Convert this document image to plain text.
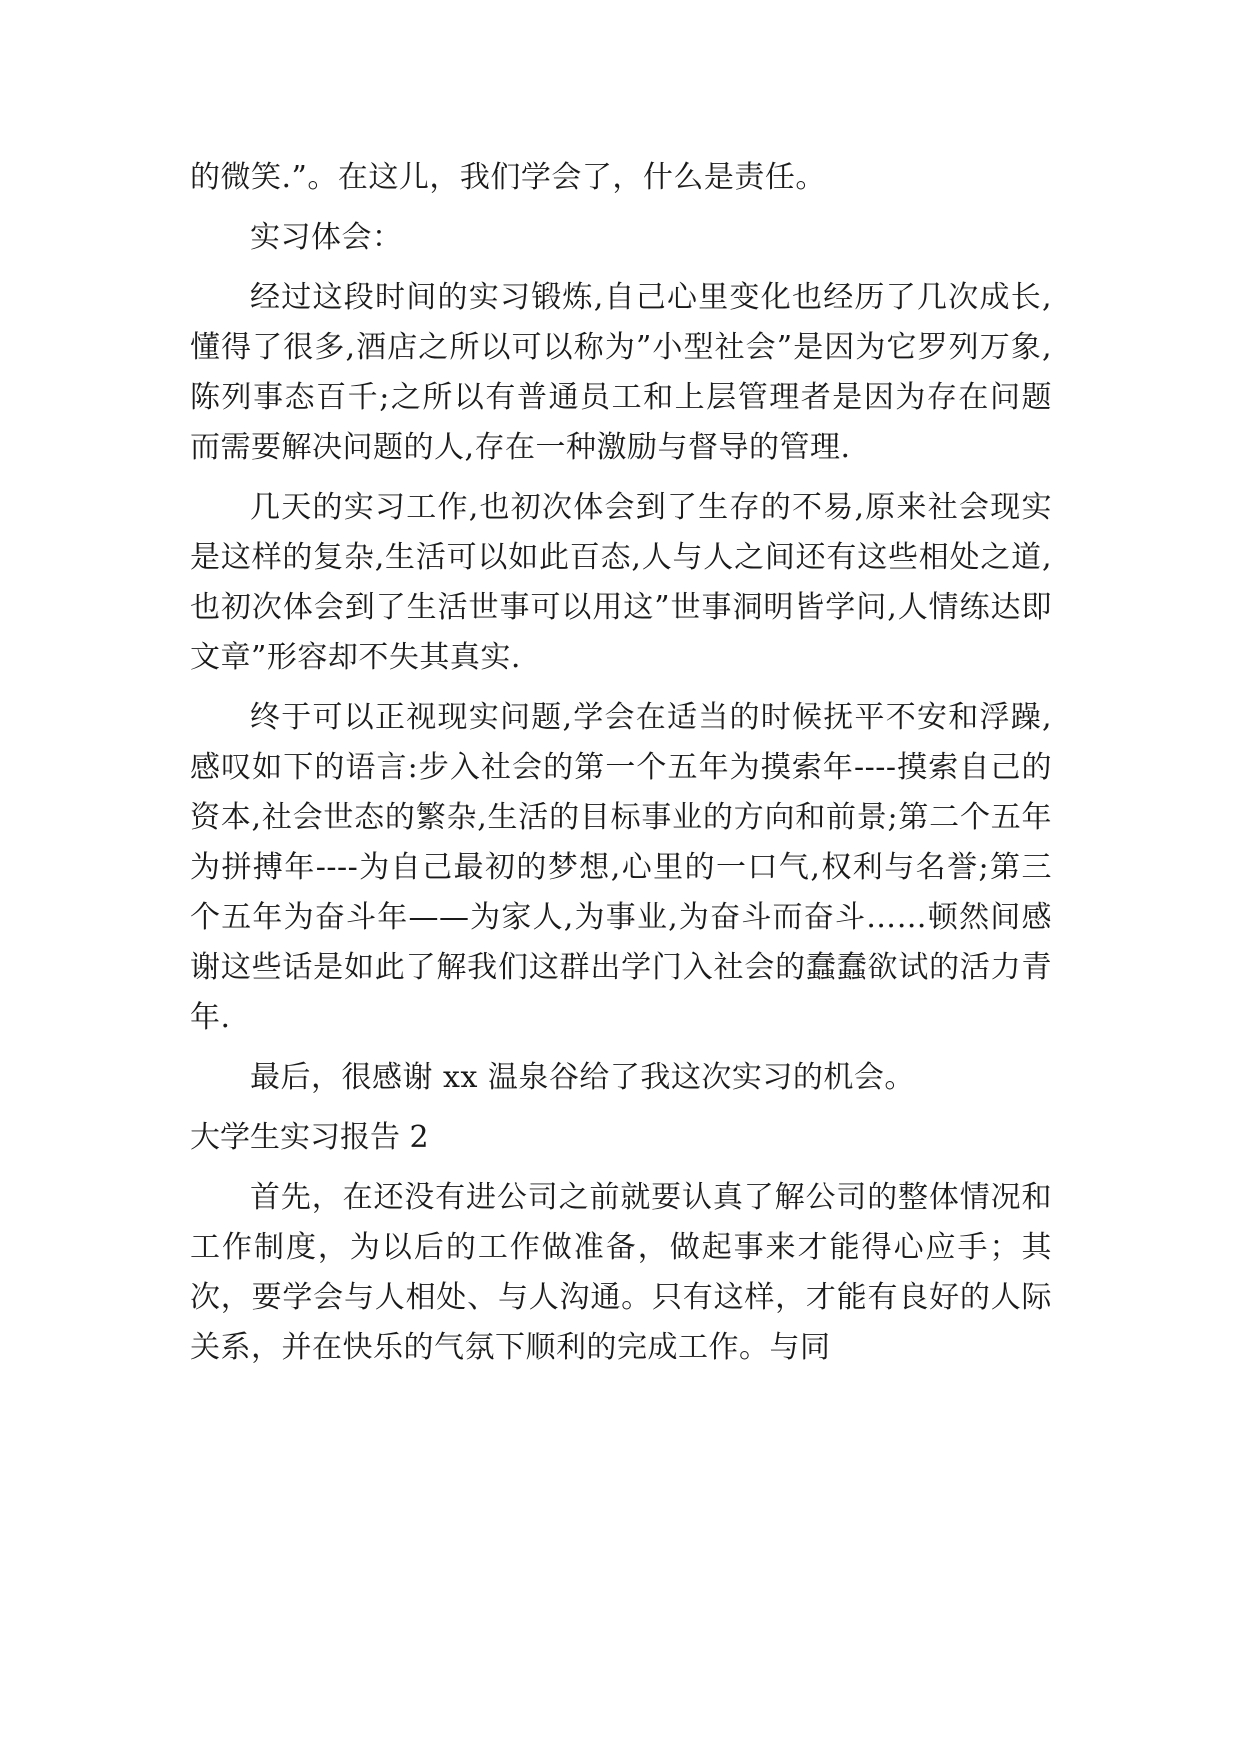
的微笑.”。在这儿，我们学会了，什么是责任。

实习体会：

经过这段时间的实习锻炼,自己心里变化也经历了几次成长,懂得了很多,酒店之所以可以称为”小型社会”是因为它罗列万象,陈列事态百千;之所以有普通员工和上层管理者是因为存在问题而需要解决问题的人,存在一种激励与督导的管理.

几天的实习工作,也初次体会到了生存的不易,原来社会现实是这样的复杂,生活可以如此百态,人与人之间还有这些相处之道,也初次体会到了生活世事可以用这”世事洞明皆学问,人情练达即文章”形容却不失其真实.

终于可以正视现实问题,学会在适当的时候抚平不安和浮躁,感叹如下的语言:步入社会的第一个五年为摸索年----摸索自己的资本,社会世态的繁杂,生活的目标事业的方向和前景;第二个五年为拼搏年----为自己最初的梦想,心里的一口气,权利与名誉;第三个五年为奋斗年——为家人,为事业,为奋斗而奋斗……顿然间感谢这些话是如此了解我们这群出学门入社会的蠢蠢欲试的活力青年.

最后，很感谢 xx 温泉谷给了我这次实习的机会。

大学生实习报告 2

首先，在还没有进公司之前就要认真了解公司的整体情况和工作制度，为以后的工作做准备，做起事来才能得心应手；其次，要学会与人相处、与人沟通。只有这样，才能有良好的人际关系，并在快乐的气氛下顺利的完成工作。与同
